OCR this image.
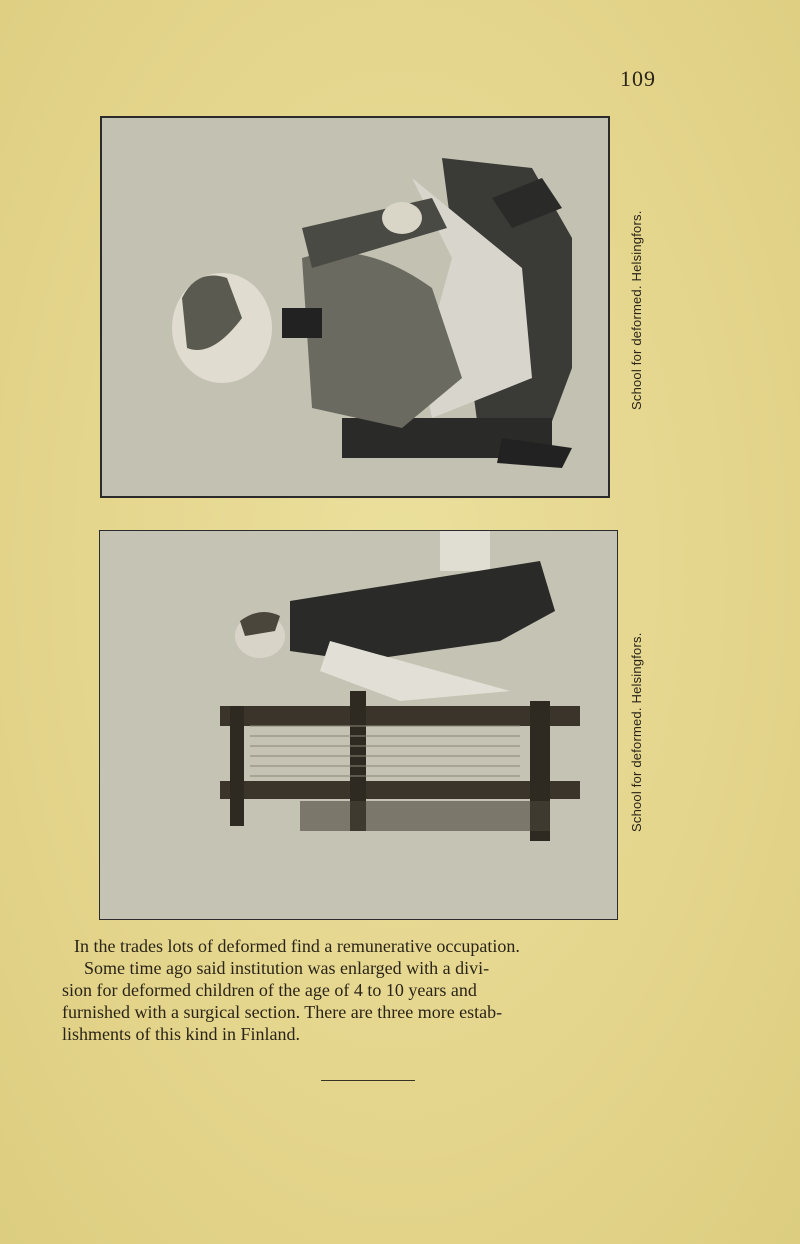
109
School for deformed. Helsingfors.
School for deformed. Helsingfors.

In the trades lots of deformed find a remunerative occupation.

Some time ago said institution was enlarged with a divi-

sion for deformed children of the age of 4 to 10 years and

furnished with a surgical section. There are three more estab-

lishments of this kind in Finland.
